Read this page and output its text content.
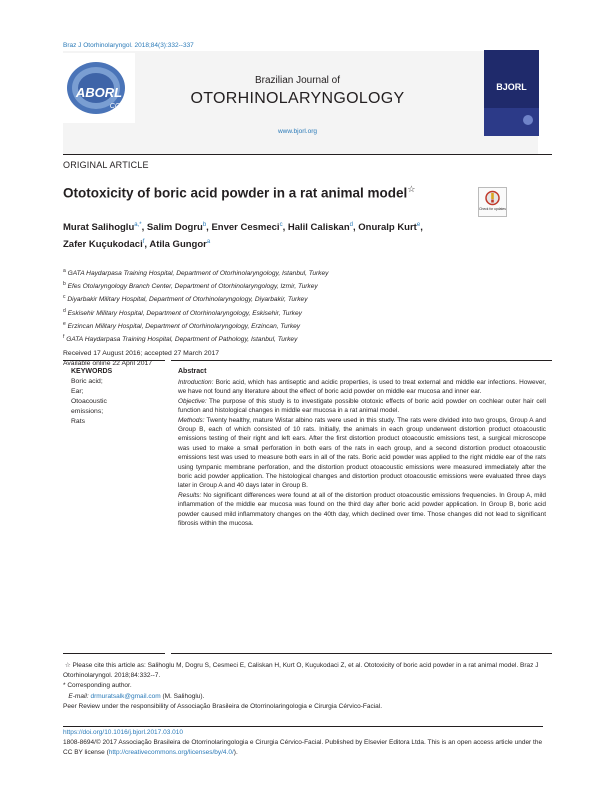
Braz J Otorhinolaryngol. 2018;84(3):332--337
ABORL
CCF
Brazilian Journal of
OTORHINOLARYNGOLOGY
www.bjorl.org
BJORL
ORIGINAL ARTICLE
Ototoxicity of boric acid powder in a rat animal model☆
Check for updates
Murat Salihoglu$^{a,*}$, Salim Dogru$^b$, Enver Cesmeci$^c$, Halil Caliskan$^d$, Onuralp Kurt$^e$,
Zafer Kuçukodaci$^f$, Atila Gungor$^a$
$^a$ GATA Haydarpasa Training Hospital, Department of Otorhinolaryngology, Istanbul, Turkey
$^b$ Efes Otolaryngology Branch Center, Department of Otorhinolaryngology, Izmir, Turkey
$^c$ Diyarbakir Military Hospital, Department of Otorhinolaryngology, Diyarbakir, Turkey
$^d$ Eskisehir Military Hospital, Department of Otorhinolaryngology, Eskisehir, Turkey
$^e$ Erzincan Military Hospital, Department of Otorhinolaryngology, Erzincan, Turkey
$^f$ GATA Haydarpasa Training Hospital, Department of Pathology, Istanbul, Turkey
Received 17 August 2016; accepted 27 March 2017
Available online 22 April 2017
KEYWORDS
Boric acid;
Ear;
Otoacoustic
emissions;
Rats
Abstract

Introduction: Boric acid, which has antiseptic and acidic properties, is used to treat external and middle ear infections. However, we have not found any literature about the effect of boric acid powder on middle ear mucosa and inner ear.

Objective: The purpose of this study is to investigate possible ototoxic effects of boric acid powder on cochlear outer hair cell function and histological changes in middle ear mucosa in a rat animal model.

Methods: Twenty healthy, mature Wistar albino rats were used in this study. The rats were divided into two groups, Group A and Group B, each of which consisted of 10 rats. Initially, the animals in each group underwent distortion product otoacoustic emissions testing of their right and left ears. After the first distortion product otoacoustic emissions test, a surgical microscope was used to make a small perforation in both ears of the rats in each group, and a second distortion product otoacoustic emissions test was used to measure both ears in all of the rats. Boric acid powder was applied to the right middle ear of the rats using tympanic membrane perforation, and the distortion product otoacoustic emissions were measured immediately after the boric acid powder application. The histological changes and distortion product otoacoustic emissions were evaluated three days later in Group A and 40 days later in Group B.

Results: No significant differences were found at all of the distortion product otoacoustic emissions frequencies. In Group A, mild inflammation of the middle ear mucosa was found on the third day after boric acid powder application. In Group B, boric acid powder caused mild inflammatory changes on the 40th day, which declined over time. Those changes did not lead to significant fibrosis within the mucosa.

☆ Please cite this article as: Salihoglu M, Dogru S, Cesmeci E, Caliskan H, Kurt O, Kuçukodaci Z, et al. Ototoxicity of boric acid powder in a rat animal model. Braz J Otorhinolaryngol. 2018;84:332--7.

* Corresponding author.

E-mail: drmuratsalk@gmail.com (M. Salihoglu).

Peer Review under the responsibility of Associação Brasileira de Otorrinolaringologia e Cirurgia Cérvico-Facial.

https://doi.org/10.1016/j.bjorl.2017.03.010

1808-8694/© 2017 Associação Brasileira de Otorrinolaringologia e Cirurgia Cérvico-Facial. Published by Elsevier Editora Ltda. This is an open access article under the CC BY license (http://creativecommons.org/licenses/by/4.0/).
